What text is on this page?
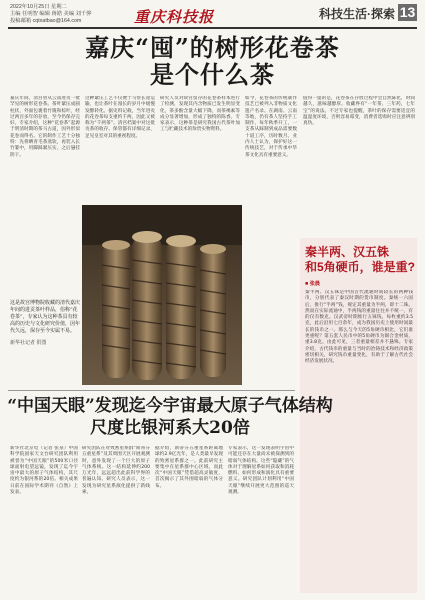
2022年10月25日 星期二
主编 任明智 编辑 蒋皓 美编 刘千骅
投稿邮箱 cqtxatbao@164.com	重庆科技报	科技生活·探索 13
嘉庆“囤”的树形花卷茶
是个什么茶
嘉庆年间，清宫曾从云南进贡一批罕见的树形花卷茶。茶叶紧压成圆柱状，外面包裹着竹篾和棕叶，经过两百多年的存放，至今仍保存完好。专家介绍，这种“花卷茶”起源于明清时期的茶马古道，因外形似花卷而得名。它的制作工艺十分独特：先将晒青毛茶蒸软，再装入长竹篓中，用脚踩紧压实，之后悬挂阴干。
这种紧压工艺不仅便于马帮长途运输，也让茶叶在漫长的岁月中缓慢发酵转化。据史料记载，当年进贡的花卷茶每支重约千两，因此又被称为“千两茶”。清宫档案中对这批贡茶的收存、保管都有详细记录，足见皇室对其的重视程度。
研究人员对故宫留存的花卷茶样本进行了检测，发现其内含物质已发生明显变化，茶多酚含量大幅下降，而茶褐素等成分显著增加，形成了独特的陈香。专家表示，这种茶是研究我国古代茶叶加工与贮藏技术的珍贵实物资料。
如今，花卷茶的传统制作技艺已被列入非物质文化遗产名录。在湖南、云南等地，仍有茶人坚持手工制作，每年秋季开工，一支茶从踩制到成品需要数十道工序，历时数月。业内人士认为，保护好这一传统技艺，对于传承中华茶文化具有重要意义。
值得一提的是，花卷茶在存放过程中会自然陈化，时间越久，滋味越醇厚。收藏界有“一年茶，三年药，七年宝”的说法。不过专家也提醒，茶叶的保存需要适宜的温湿度环境，否则容易霉变，消费者选购时应注意辨别真伪。
这是故宫博物院收藏的清代嘉庆年间的进贡茶叶样品，俗称“花卷茶”，专家认为这种茶具有较高的历史与文化研究价值，因年代久远，保存至今实属不易。
新华社记者 供图
秦半两、汉五铢
和5角硬币，谁是重?
■ 张晨
秦半两、汉五铢是中国古代流通时间较长的两种钱币，分别代表了秦汉时期的货币制度。秦统一六国后，推行“半两”钱，规定其重量为半两，即十二铢。然而在实际流通中，半两钱的重量往往并不统一，有的仅有数克。汉武帝时期推行五铢钱，每枚重约3.5克，此后沿用七百余年，成为我国历史上使用时间最长的钱币之一。那么与今天的5角硬币相比，它们谁更重呢？第五套人民币中的5角硬币为铜合金材质，重3.8克。由此可见，三者重量相差并不悬殊。专家介绍，古代钱币的重量与当时的冶铸技术和经济政策密切相关，研究钱币重量变化，有助于了解古代社会经济发展状况。
“中国天眼”发现迄今宇宙最大原子气体结构
尺度比银河系大20倍
新华社北京电（记者 张泉）中国科学院国家天文台研究团队利用被誉为“中国天眼”的500米口径球面射电望远镜，发现了迄今宇宙中最大的原子气体结构，其尺度约为银河系的20倍。相关成果日前在国际学术期刊《自然》上发表。
研究团队在对致密星系群“斯蒂芬五重星系”及其周围天区开展观测时，意外发现了一个巨大的原子气体系统。这一结构延伸约200万光年，远远超出此前科学界的普遍认知。研究人员表示，这一发现为研究星系演化提供了新线索。
据介绍，斯蒂芬五重星系距离地球约2.9亿光年，是人类最早发现的致密星系群之一。此前研究主要集中在星系群中心区域，而此次“中国天眼”凭借超高灵敏度，首次揭示了其外围暗弱的气体分布。
专家表示，这一发现表明宇宙中可能还存在大量尚未被探测到的暗弱气体结构。这些“隐藏”的气体对于理解星系如何获取和消耗燃料、如何形成和演化具有重要意义。研究团队计划利用“中国天眼”继续开展更大范围的巡天观测。
